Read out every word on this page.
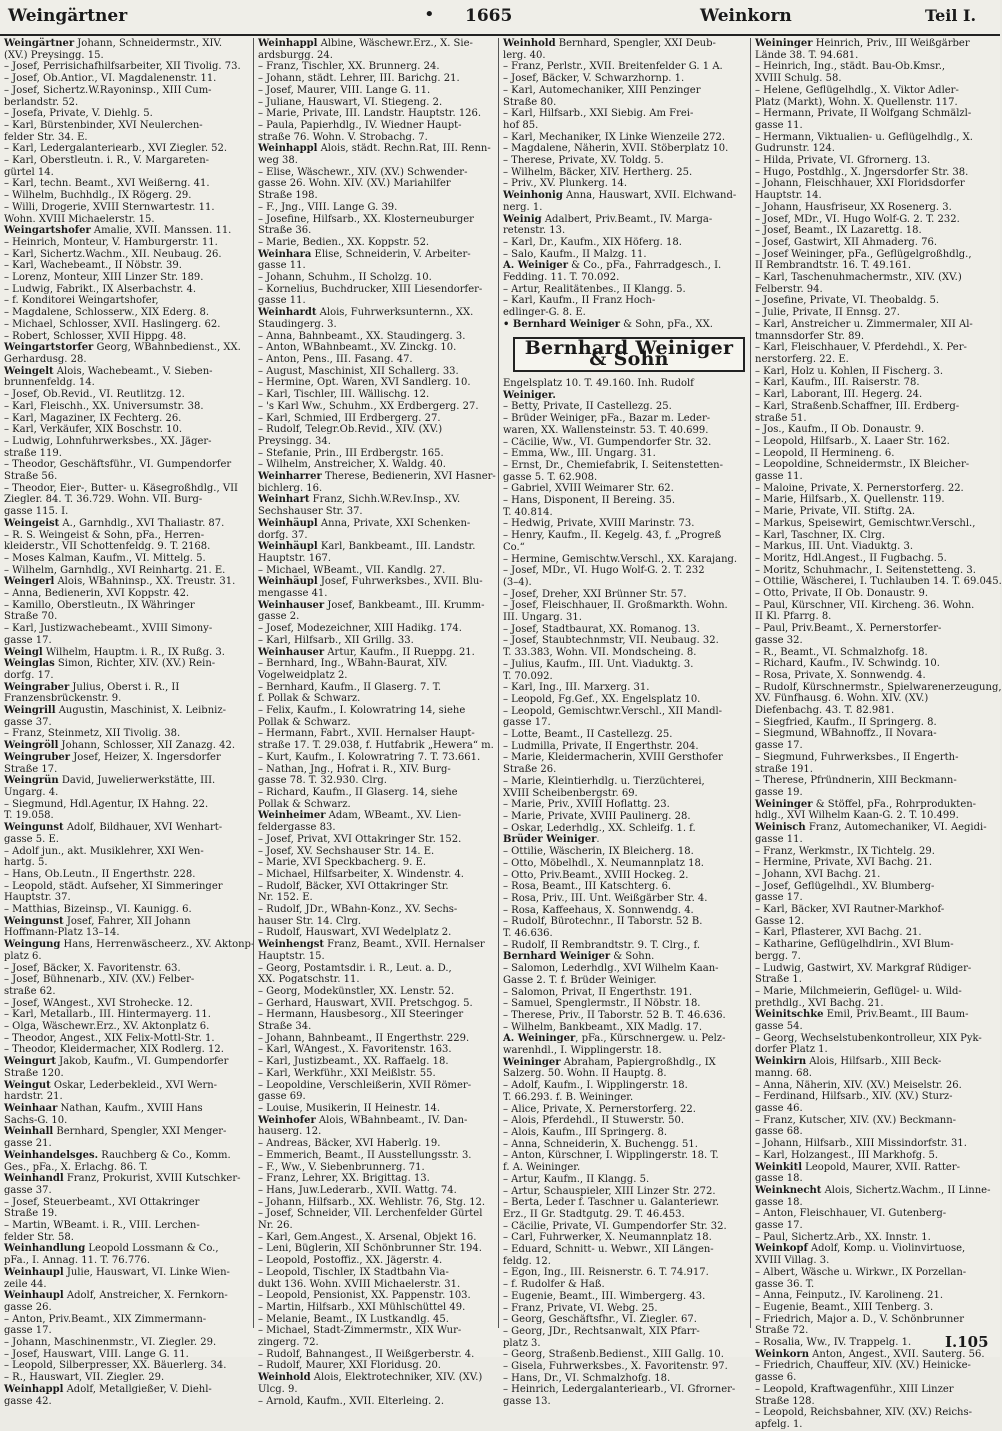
Weingärtner	• 1665	Weinkorn	Teil I.
Weingärtner Johann, Schneidermstr., XIV.
(XV.) Preysingg. 15.
– Josef, Perrisichafhilfsarbeiter, XII Tivolig. 73.
– Josef, Ob.Antior., VI. Magdalenenstr. 11.
– Josef, Sichertz.W.Rayoninsp., XIII Cum-
berlandstr. 52.
– Josefa, Private, V. Diehlg. 5.
– Karl, Bürstenbinder, XVI Neulerchen-
felder Str. 34. E.
– Karl, Ledergalanteriearb., XVI Ziegler. 52.
– Karl, Oberstleutn. i. R., V. Margareten-
gürtel 14.
– Karl, techn. Beamt., XVI Weißerng. 41.
– Wilhelm, Buchhdlg., IX Rögerg. 29.
– Willi, Drogerie, XVIII Sternwartestr. 11.
Wohn. XVIII Michaelerstr. 15.
Weingartshofer Amalie, XVII. Manssen. 11.
– Heinrich, Monteur, V. Hamburgerstr. 11.
– Karl, Sichertz.Wachm., XII. Neubaug. 26.
– Karl, Wachebeamt., II Nöbstr. 39.
– Lorenz, Monteur, XIII Linzer Str. 189.
– Ludwig, Fabrikt., IX Alserbachstr. 4.
– f. Konditorei Weingartshofer,
– Magdalene, Schlosserw., XIX Ederg. 8.
– Michael, Schlosser, XVII. Haslingerg. 62.
– Robert, Schlosser, XVII Hippg. 48.
Weingartstorfer Georg, WBahnbedienst., XX.
Gerhardusg. 28.
Weingelt Alois, Wachebeamt., V. Sieben-
brunnenfeldg. 14.
– Josef, Ob.Revid., VI. Reutlitzg. 12.
– Karl, Fleischh., XX. Universumstr. 38.
– Karl, Magaziner, IX Fechterg. 26.
– Karl, Verkäufer, XIX Boschstr. 10.
– Ludwig, Lohnfuhrwerksbes., XX. Jäger-
straße 119.
– Theodor, Geschäftsführ., VI. Gumpendorfer
Straße 56.
– Theodor, Eier-, Butter- u. Käsegroßhdlg., VII
Ziegler. 84. T. 36.729. Wohn. VII. Burg-
gasse 115. I.
Weingeist A., Garnhdlg., XVI Thaliastr. 87.
– R. S. Weingeist & Sohn, pFa., Herren-
kleiderstr., VII Schottenfeldg. 9. T. 2168.
– Moses Kalman, Kaufm., VI. Mittelg. 5.
– Wilhelm, Garnhdlg., XVI Reinhartg. 21. E.
Weingerl Alois, WBahninsp., XX. Treustr. 31.
– Anna, Bedienerin, XVI Koppstr. 42.
– Kamillo, Oberstleutn., IX Währinger
Straße 70.
– Karl, Justizwachebeamt., XVIII Simony-
gasse 17.
Weingl Wilhelm, Hauptm. i. R., IX Rußg. 3.
Weinglas Simon, Richter, XIV. (XV.) Rein-
dorfg. 17.
Weingraber Julius, Oberst i. R., II
Franzensbrückenstr. 9.
Weingrill Augustin, Maschinist, X. Leibniz-
gasse 37.
– Franz, Steinmetz, XII Tivolig. 38.
Weingröll Johann, Schlosser, XII Zanazg. 42.
Weingruber Josef, Heizer, X. Ingersdorfer
Straße 17.
Weingrün David, Juwelierwerkstätte, III.
Ungarg. 4.
– Siegmund, Hdl.Agentur, IX Hahng. 22.
T. 19.058.
Weingunst Adolf, Bildhauer, XVI Wenhart-
gasse 5. E.
– Adolf jun., akt. Musiklehrer, XXI Wen-
hartg. 5.
– Hans, Ob.Leutn., II Engerthstr. 228.
– Leopold, städt. Aufseher, XI Simmeringer
Hauptstr. 37.
– Matthias, Bizeinsp., VI. Kaunigg. 6.
Weingunst Josef, Fahrer, XII Johann
Hoffmann-Platz 13–14.
Weingung Hans, Herrenwäscheerz., XV. Aktonp-
platz 6.
– Josef, Bäcker, X. Favoritenstr. 63.
– Josef, Bühnenarb., XIV. (XV.) Felber-
straße 62.
– Josef, WAngest., XVI Strohecke. 12.
– Karl, Metallarb., III. Hintermayerg. 11.
– Olga, Wäschewr.Erz., XV. Aktonplatz 6.
– Theodor, Angest., XIX Felix-Mottl-Str. 1.
– Theodor, Kleidermacher, XIX Rodlerg. 12.
Weingurt Jakob, Kaufm., VI. Gumpendorfer
Straße 120.
Weingut Oskar, Lederbekleid., XVI Wern-
hardstr. 21.
Weinhaar Nathan, Kaufm., XVIII Hans
Sachs-G. 10.
Weinhall Bernhard, Spengler, XXI Menger-
gasse 21.
Weinhandelsges. Rauchberg & Co., Komm.
Ges., pFa., X. Erlachg. 86. T.
Weinhandl Franz, Prokurist, XVIII Kutschker-
gasse 37.
– Josef, Steuerbeamt., XVI Ottakringer
Straße 19.
– Martin, WBeamt. i. R., VIII. Lerchen-
felder Str. 58.
Weinhandlung Leopold Lossmann & Co.,
pFa., I. Annag. 11. T. 76.776.
Weinhaupl Julie, Hauswart, VI. Linke Wien-
zeile 44.
Weinhaupl Adolf, Anstreicher, X. Fernkorn-
gasse 26.
– Anton, Priv.Beamt., XIX Zimmermann-
gasse 17.
– Johann, Maschinenmstr., VI. Ziegler. 29.
– Josef, Hauswart, VIII. Lange G. 11.
– Leopold, Silberpresser, XX. Bäuerlerg. 34.
– R., Hauswart, VII. Ziegler. 29.
Weinhappl Adolf, Metallgießer, V. Diehl-
gasse 42.
Weinhappl Albine, Wäschewr.Erz., X. Sie-
ardsburgg. 24.
– Franz, Tischler, XX. Brunnerg. 24.
– Johann, städt. Lehrer, III. Barichg. 21.
– Josef, Maurer, VIII. Lange G. 11.
– Juliane, Hauswart, VI. Stiegeng. 2.
– Marie, Private, III. Landstr. Hauptstr. 126.
– Paula, Papierhdlg., IV. Wiedner Haupt-
straße 76. Wohn. V. Strobachg. 7.
Weinhappl Alois, städt. Rechn.Rat, III. Renn-
weg 38.
– Elise, Wäschewr., XIV. (XV.) Schwender-
gasse 26. Wohn. XIV. (XV.) Mariahilfer
Straße 198.
– F., Jng., VIII. Lange G. 39.
– Josefine, Hilfsarb., XX. Klosterneuburger
Straße 36.
– Marie, Bedien., XX. Koppstr. 52.
Weinhara Elise, Schneiderin, V. Arbeiter-
gasse 11.
– Johann, Schuhm., II Scholzg. 10.
– Kornelius, Buchdrucker, XIII Liesendorfer-
gasse 11.
Weinhardt Alois, Fuhrwerksunternn., XX.
Staudingerg. 3.
– Anna, Bahnbeamt., XX. Staudingerg. 3.
– Anton, WBahnbeamt., XV. Zinckg. 10.
– Anton, Pens., III. Fasang. 47.
– August, Maschinist, XII Schallerg. 33.
– Hermine, Opt. Waren, XVI Sandlerg. 10.
– Karl, Tischler, III. Wällischg. 12.
– 's Karl Ww., Schuhm., XX Erdbergerg. 27.
– Karl, Schmied, III Erdbergerg. 27.
– Rudolf, Telegr.Ob.Revid., XIV. (XV.)
Preysingg. 34.
– Stefanie, Prin., III Erdbergstr. 165.
– Wilhelm, Anstreicher, X. Waldg. 40.
Weinharrer Therese, Bedienerin, XVI Hasner-
bichlerg. 16.
Weinhart Franz, Sichh.W.Rev.Insp., XV.
Sechshauser Str. 37.
Weinhäupl Anna, Private, XXI Schenken-
dorfg. 37.
Weinhäupl Karl, Bankbeamt., III. Landstr.
Hauptstr. 167.
– Michael, WBeamt., VII. Kandlg. 27.
Weinhäupl Josef, Fuhrwerksbes., XVII. Blu-
mengasse 41.
Weinhauser Josef, Bankbeamt., III. Krumm-
gasse 2.
– Josef, Modezeichner, XIII Hadikg. 174.
– Karl, Hilfsarb., XII Grillg. 33.
Weinhauser Artur, Kaufm., II Rueppg. 21.
– Bernhard, Ing., WBahn-Baurat, XIV.
Vogelweidplatz 2.
– Bernhard, Kaufm., II Glaserg. 7. T.
f. Pollak & Schwarz.
– Felix, Kaufm., I. Kolowratring 14, siehe
Pollak & Schwarz.
– Hermann, Fabrt., XVII. Hernalser Haupt-
straße 17. T. 29.038, f. Hutfabrik „Hewera“ m.
– Kurt, Kaufm., I. Kolowratring 7. T. 73.661.
– Nathan, Jng., Hofrat i. R., XIV. Burg-
gasse 78. T. 32.930. Clrg.
– Richard, Kaufm., II Glaserg. 14, siehe
Pollak & Schwarz.
Weinheimer Adam, WBeamt., XV. Lien-
feldergasse 83.
– Josef, Privat, XVI Ottakringer Str. 152.
– Josef, XV. Sechshauser Str. 14. E.
– Marie, XVI Speckbacherg. 9. E.
– Michael, Hilfsarbeiter, X. Windenstr. 4.
– Rudolf, Bäcker, XVI Ottakringer Str.
Nr. 152. E.
– Rudolf, JDr., WBahn-Konz., XV. Sechs-
hauser Str. 14. Clrg.
– Rudolf, Hauswart, XVI Wedelplatz 2.
Weinhengst Franz, Beamt., XVII. Hernalser
Hauptstr. 15.
– Georg, Postamtsdir. i. R., Leut. a. D.,
XX. Pogatschstr. 11.
– Georg, Modekünstler, XX. Lenstr. 52.
– Gerhard, Hauswart, XVII. Pretschgog. 5.
– Hermann, Hausbesorg., XII Steeringer
Straße 34.
– Johann, Bahnbeamt., II Engerthstr. 229.
– Karl, WAngest., X. Favoritenstr. 163.
– Karl, Justizbeamt., XX. Raffaelg. 18.
– Karl, Werkführ., XXI Meißlstr. 55.
– Leopoldine, Verschleißerin, XVII Römer-
gasse 69.
– Louise, Musikerin, II Heinestr. 14.
Weinhofer Alois, WBahnbeamt., IV. Dan-
hauserg. 12.
– Andreas, Bäcker, XVI Haberlg. 19.
– Emmerich, Beamt., II Ausstellungsstr. 3.
– F., Ww., V. Siebenbrunnerg. 71.
– Franz, Lehrer, XX. Brigittag. 13.
– Hans, Juw.Lederarb., XVII. Wattg. 74.
– Johann, Hilfsarb., XX. Wehlistr. 76, Stg. 12.
– Josef, Schneider, VII. Lerchenfelder Gürtel
Nr. 26.
– Karl, Gem.Angest., X. Arsenal, Objekt 16.
– Leni, Büglerin, XII Schönbrunner Str. 194.
– Leopold, Postoffiz., XX. Jägerstr. 4.
– Leopold, Tischler, IX Stadtbahn Via-
dukt 136. Wohn. XVIII Michaelerstr. 31.
– Leopold, Pensionist, XX. Pappenstr. 103.
– Martin, Hilfsarb., XXI Mühlschüttel 49.
– Melanie, Beamt., IX Lustkandlg. 45.
– Michael, Stadt-Zimmermstr., XIX Wur-
zingerg. 72.
– Rudolf, Bahnangest., II Weißgerberstr. 4.
– Rudolf, Maurer, XXI Floridusg. 20.
Weinhold Alois, Elektrotechniker, XIV. (XV.)
Ulcg. 9.
– Arnold, Kaufm., XVII. Elterleing. 2.
Weinhold Bernhard, Spengler, XXI Deub-
lerg. 40.
– Franz, Perlstr., XVII. Breitenfelder G. 1 A.
– Josef, Bäcker, V. Schwarzhornp. 1.
– Karl, Automechaniker, XIII Penzinger
Straße 80.
– Karl, Hilfsarb., XXI Siebig. Am Frei-
hof 85.
– Karl, Mechaniker, IX Linke Wienzeile 272.
– Magdalene, Näherin, XVII. Stöberplatz 10.
– Therese, Private, XV. Toldg. 5.
– Wilhelm, Bäcker, XIV. Hertherg. 25.
– Priv., XV. Plunkerg. 14.
Weinhonig Anna, Hauswart, XVII. Elchwand-
nerg. 1.
Weinig Adalbert, Priv.Beamt., IV. Marga-
retenstr. 13.
– Karl, Dr., Kaufm., XIX Höferg. 18.
– Salo, Kaufm., II Malzg. 11.
A. Weiniger & Co., pFa., Fahrradgesch., I.
Fedding. 11. T. 70.092.
– Artur, Realitätenbes., II Klangg. 5.
– Karl, Kaufm., II Franz Hoch-
edlinger-G. 8. E.
• Bernhard Weiniger & Sohn, pFa., XX.
Bernhard Weiniger & Sohn
Engelsplatz 10. T. 49.160. Inh. Rudolf
Weiniger.
– Betty, Private, II Castellezg. 25.
– Brüder Weiniger, pFa., Bazar m. Leder-
waren, XX. Wallensteinstr. 53. T. 40.699.
– Cäcilie, Ww., VI. Gumpendorfer Str. 32.
– Emma, Ww., III. Ungarg. 31.
– Ernst, Dr., Chemiefabrik, I. Seitenstetten-
gasse 5. T. 62.908.
– Gabriel, XVIII Weimarer Str. 62.
– Hans, Disponent, II Bereing. 35.
T. 40.814.
– Hedwig, Private, XVIII Marinstr. 73.
– Henry, Kaufm., II. Kegelg. 43, f. „Progreß
Co.“
– Hermine, Gemischtw.Verschl., XX. Karajang.
– Josef, MDr., VI. Hugo Wolf-G. 2. T. 232
(3–4).
– Josef, Dreher, XXI Brünner Str. 57.
– Josef, Fleischhauer, II. Großmarkth. Wohn.
III. Ungarg. 31.
– Josef, Stadtbaurat, XX. Romanog. 13.
– Josef, Staubtechnmstr, VII. Neubaug. 32.
T. 33.383, Wohn. VII. Mondscheing. 8.
– Julius, Kaufm., III. Unt. Viaduktg. 3.
T. 70.092.
– Karl, Ing., III. Marxerg. 31.
– Leopold, Fg.Gef., XX. Engelsplatz 10.
– Leopold, Gemischtwr.Verschl., XII Mandl-
gasse 17.
– Lotte, Beamt., II Castellezg. 25.
– Ludmilla, Private, II Engerthstr. 204.
– Marie, Kleidermacherin, XVIII Gersthofer
Straße 26.
– Marie, Kleintierhdlg. u. Tierzüchterei,
XVIII Scheibenbergstr. 69.
– Marie, Priv., XVIII Hoflattg. 23.
– Marie, Private, XVIII Paulinerg. 28.
– Oskar, Lederhdlg., XX. Schleifg. 1. f.
Brüder Weiniger.
– Ottilie, Wäscherin, IX Bleicherg. 18.
– Otto, Möbelhdl., X. Neumannplatz 18.
– Otto, Priv.Beamt., XVIII Hockeg. 2.
– Rosa, Beamt., III Katschterg. 6.
– Rosa, Priv., III. Unt. Weißgärber Str. 4.
– Rosa, Kaffeehaus, X. Sonnwendg. 4.
– Rudolf, Bürotechnr., II Taborstr. 52 B.
T. 46.636.
– Rudolf, II Rembrandtstr. 9. T. Clrg., f.
Bernhard Weiniger & Sohn.
– Salomon, Lederhdlg., XVI Wilhelm Kaan-
Gasse 2. T. f. Brüder Weiniger.
– Salomon, Privat, II Engerthstr. 191.
– Samuel, Spenglermstr., II Nöbstr. 18.
– Therese, Priv., II Taborstr. 52 B. T. 46.636.
– Wilhelm, Bankbeamt., XIX Madlg. 17.
A. Weininger, pFa., Kürschnergew. u. Pelz-
warenhdl., I. Wipplingerstr. 18.
Weininger Abraham, Papiergroßhdlg., IX
Salzerg. 50. Wohn. II Hauptg. 8.
– Adolf, Kaufm., I. Wipplingerstr. 18.
T. 66.293. f. B. Weininger.
– Alice, Private, X. Pernerstorferg. 22.
– Alois, Pferdehdl., II Stuwerstr. 50.
– Alois, Kaufm., III Springerg. 8.
– Anna, Schneiderin, X. Buchengg. 51.
– Anton, Kürschner, I. Wipplingerstr. 18. T.
f. A. Weininger.
– Artur, Kaufm., II Klangg. 5.
– Artur, Schauspieler, XIII Linzer Str. 272.
– Berta, Leder f. Taschner u. Galanteriewr.
Erz., II Gr. Stadtgutg. 29. T. 46.453.
– Cäcilie, Private, VI. Gumpendorfer Str. 32.
– Carl, Fuhrwerker, X. Neumannplatz 18.
– Eduard, Schnitt- u. Webwr., XII Längen-
feldg. 12.
– Egon, Ing., III. Reisnerstr. 6. T. 74.917.
– f. Rudolfer & Haß.
– Eugenie, Beamt., III. Wimbergerg. 43.
– Franz, Private, VI. Webg. 25.
– Georg, Geschäftsfhr., VI. Ziegler. 67.
– Georg, JDr., Rechtsanwalt, XIX Pfarr-
platz 3.
– Georg, Straßenb.Bedienst., XIII Gallg. 10.
– Gisela, Fuhrwerksbes., X. Favoritenstr. 97.
– Hans, Dr., VI. Schmalzhofg. 18.
– Heinrich, Ledergalanteriearb., VI. Gfrorner-
gasse 13.
Weininger Heinrich, Priv., III Weißgärber
Lände 38. T. 94.681.
– Heinrich, Ing., städt. Bau-Ob.Kmsr.,
XVIII Schulg. 58.
– Helene, Geflügelhdlg., X. Viktor Adler-
Platz (Markt), Wohn. X. Quellenstr. 117.
– Hermann, Private, II Wolfgang Schmälzl-
gasse 11.
– Hermann, Viktualien- u. Geflügelhdlg., X.
Gudrunstr. 124.
– Hilda, Private, VI. Gfrornerg. 13.
– Hugo, Postdhlg., X. Jngersdorfer Str. 38.
– Johann, Fleischhauer, XXI Floridsdorfer
Hauptstr. 14.
– Johann, Hausfriseur, XX Rosenerg. 3.
– Josef, MDr., VI. Hugo Wolf-G. 2. T. 232.
– Josef, Beamt., IX Lazarettg. 18.
– Josef, Gastwirt, XII Ahmaderg. 76.
– Josef Weininger, pFa., Geflügelgroßhdlg.,
II Rembrandtstr. 16. T. 49.161.
– Karl, Taschenuhmachermstr., XIV. (XV.)
Felberstr. 94.
– Josefine, Private, VI. Theobaldg. 5.
– Julie, Private, II Ennsg. 27.
– Karl, Anstreicher u. Zimmermaler, XII Al-
tmannsdorfer Str. 89.
– Karl, Fleischhauer, V. Pferdehdl., X. Per-
nerstorferg. 22. E.
– Karl, Holz u. Kohlen, II Fischerg. 3.
– Karl, Kaufm., III. Raiserstr. 78.
– Karl, Laborant, III. Hegerg. 24.
– Karl, Straßenb.Schaffner, III. Erdberg-
straße 51.
– Jos., Kaufm., II Ob. Donaustr. 9.
– Leopold, Hilfsarb., X. Laaer Str. 162.
– Leopold, II Hermineng. 6.
– Leopoldine, Schneidermstr., IX Bleicher-
gasse 11.
– Maloine, Private, X. Pernerstorferg. 22.
– Marie, Hilfsarb., X. Quellenstr. 119.
– Marie, Private, VII. Stiftg. 2A.
– Markus, Speisewirt, Gemischtwr.Verschl.,
– Karl, Taschner, IX. Clrg.
– Markus, III. Unt. Viaduktg. 3.
– Moritz, Hdl.Angest., II Fugbachg. 5.
– Moritz, Schuhmachr., I. Seitenstetteng. 3.
– Ottilie, Wäscherei, I. Tuchlauben 14. T. 69.045.
– Otto, Private, II Ob. Donaustr. 9.
– Paul, Kürschner, VII. Kircheng. 36. Wohn.
II Kl. Pfarrg. 8.
– Paul, Priv.Beamt., X. Pernerstorfer-
gasse 32.
– R., Beamt., VI. Schmalzhofg. 18.
– Richard, Kaufm., IV. Schwindg. 10.
– Rosa, Private, X. Sonnwendg. 4.
– Rudolf, Kürschnermstr., Spielwarenerzeugung,
XV. Fünfhausg. 6. Wohn. XIV. (XV.)
Diefenbachg. 43. T. 82.981.
– Siegfried, Kaufm., II Springerg. 8.
– Siegmund, WBahnoffz., II Novara-
gasse 17.
– Siegmund, Fuhrwerksbes., II Engerth-
straße 191.
– Therese, Pfründnerin, XIII Beckmann-
gasse 19.
Weininger & Stöffel, pFa., Rohrprodukten-
hdlg., XVI Wilhelm Kaan-G. 2. T. 10.499.
Weinisch Franz, Automechaniker, VI. Aegidi-
gasse 11.
– Franz, Werkmstr., IX Tichtelg. 29.
– Hermine, Private, XVI Bachg. 21.
– Johann, XVI Bachg. 21.
– Josef, Geflügelhdl., XV. Blumberg-
gasse 17.
– Karl, Bäcker, XVI Rautner-Markhof-
Gasse 12.
– Karl, Pflasterer, XVI Bachg. 21.
– Katharine, Geflügelhdlrin., XVI Blum-
bergg. 7.
– Ludwig, Gastwirt, XV. Markgraf Rüdiger-
Straße 1.
– Marie, Milchmeierin, Geflügel- u. Wild-
prethdlg., XVI Bachg. 21.
Weinitschke Emil, Priv.Beamt., III Baum-
gasse 54.
– Georg, Wechselstubenkontrolleur, XIX Pyk-
dorfer Platz 1.
Weinkirn Alois, Hilfsarb., XIII Beck-
manng. 68.
– Anna, Näherin, XIV. (XV.) Meiselstr. 26.
– Ferdinand, Hilfsarb., XIV. (XV.) Sturz-
gasse 46.
– Franz, Kutscher, XIV. (XV.) Beckmann-
gasse 68.
– Johann, Hilfsarb., XIII Missindorfstr. 31.
– Karl, Holzangest., III Markhofg. 5.
Weinkitl Leopold, Maurer, XVII. Ratter-
gasse 18.
Weinknecht Alois, Sichertz.Wachm., II Linne-
gasse 18.
– Anton, Fleischhauer, VI. Gutenberg-
gasse 17.
– Paul, Sichertz.Arb., XX. Innstr. 1.
Weinkopf Adolf, Komp. u. Violinvirtuose,
XVIII Villag. 3.
– Albert, Wäsche u. Wirkwr., IX Porzellan-
gasse 36. T.
– Anna, Feinputz., IV. Karolineng. 21.
– Eugenie, Beamt., XIII Tenberg. 3.
– Friedrich, Major a. D., V. Schönbrunner
Straße 72.
– Rosalia, Ww., IV. Trappelg. 1.
Weinkorn Anton, Angest., XVII. Sauterg. 56.
– Friedrich, Chauffeur, XIV. (XV.) Heinicke-
gasse 6.
– Leopold, Kraftwagenführ., XIII Linzer
Straße 128.
– Leopold, Reichsbahner, XIV. (XV.) Reichs-
apfelg. 1.
I.105
